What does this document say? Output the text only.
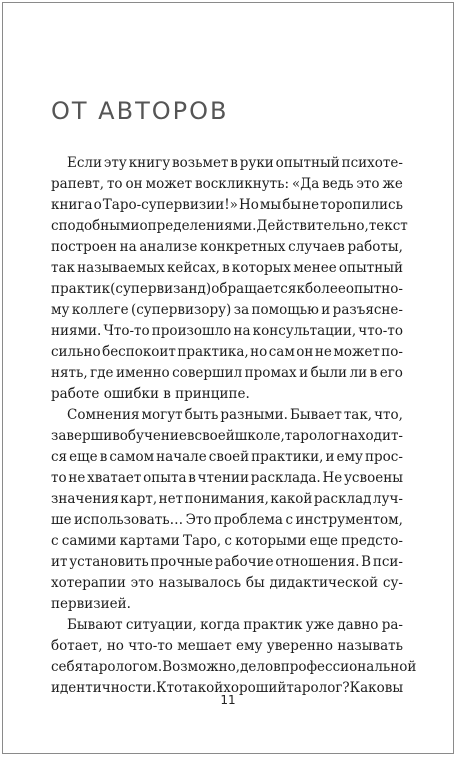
ОТ АВТОРОВ
Если эту книгу возьмет в руки опытный психоте-
рапевт, то он может воскликнуть: «Да ведь это же
книга о Таро-супервизии!» Но мы бы не торопились
с подобными определениями. Действительно, текст
построен на анализе конкретных случаев работы,
так называемых кейсах, в которых менее опытный
практик (супервизанд) обращается к более опытно-
му коллеге (супервизору) за помощью и разъясне-
ниями. Что-то произошло на консультации, что-то
сильно беспокоит практика, но сам он не может по-
нять, где именно совершил промах и были ли в его
работе ошибки в принципе.
Сомнения могут быть разными. Бывает так, что,
завершив обучение в своей школе, таролог находит-
ся еще в самом начале своей практики, и ему прос-
то не хватает опыта в чтении расклада. Не усвоены
значения карт, нет понимания, какой расклад луч-
ше использовать… Это проблема с инструментом,
с самими картами Таро, с которыми еще предсто-
ит установить прочные рабочие отношения. В пси-
хотерапии это называлось бы дидактической су-
первизией.
Бывают ситуации, когда практик уже давно ра-
ботает, но что-то мешает ему уверенно называть
себя тарологом. Возможно, дело в профессиональной
идентичности. Кто такой хороший таролог? Каковы
11
